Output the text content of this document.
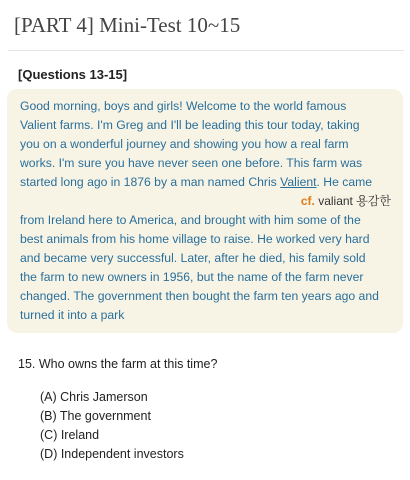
[PART 4] Mini-Test 10~15
[Questions 13-15]
Good morning, boys and girls! Welcome to the world famous
Valient farms. I'm Greg and I'll be leading this tour today, taking
you on a wonderful journey and showing you how a real farm
works. I'm sure you have never seen one before. This farm was
started long ago in 1876 by a man named Chris Valient. He came
cf. valiant 용감한
from Ireland here to America, and brought with him some of the
best animals from his home village to raise. He worked very hard
and became very successful. Later, after he died, his family sold
the farm to new owners in 1956, but the name of the farm never
changed. The government then bought the farm ten years ago and
turned it into a park
15. Who owns the farm at this time?
(A) Chris Jamerson
(B) The government
(C) Ireland
(D) Independent investors
